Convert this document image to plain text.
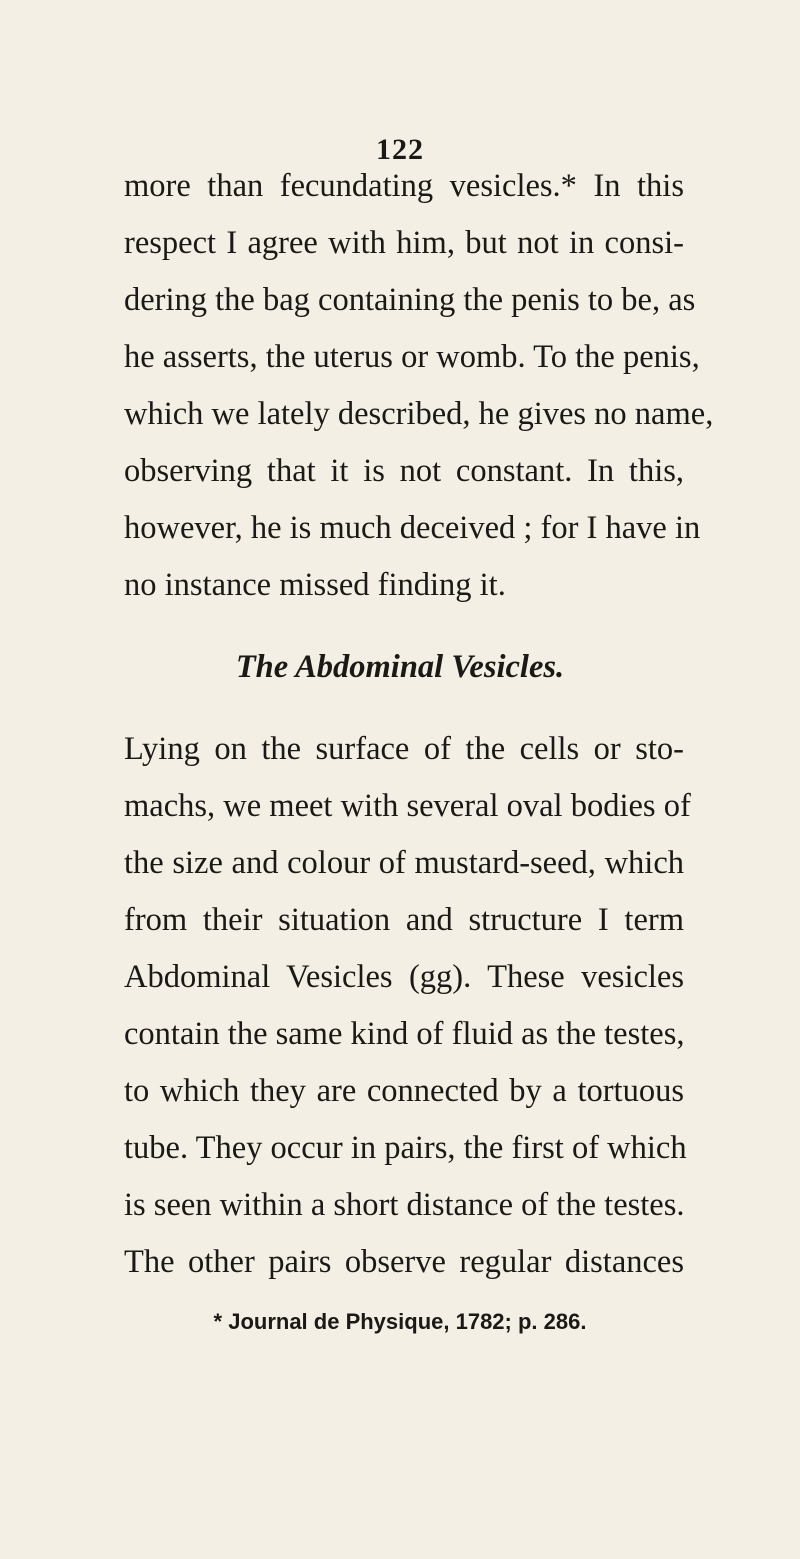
122
more than fecundating vesicles.* In this
respect I agree with him, but not in consi-
dering the bag containing the penis to be, as
he asserts, the uterus or womb. To the penis,
which we lately described, he gives no name,
observing that it is not constant. In this,
however, he is much deceived ; for I have in
no instance missed finding it.
The Abdominal Vesicles.
Lying on the surface of the cells or sto-
machs, we meet with several oval bodies of
the size and colour of mustard-seed, which
from their situation and structure I term
Abdominal Vesicles (gg). These vesicles
contain the same kind of fluid as the testes,
to which they are connected by a tortuous
tube. They occur in pairs, the first of which
is seen within a short distance of the testes.
The other pairs observe regular distances
* Journal de Physique, 1782; p. 286.
